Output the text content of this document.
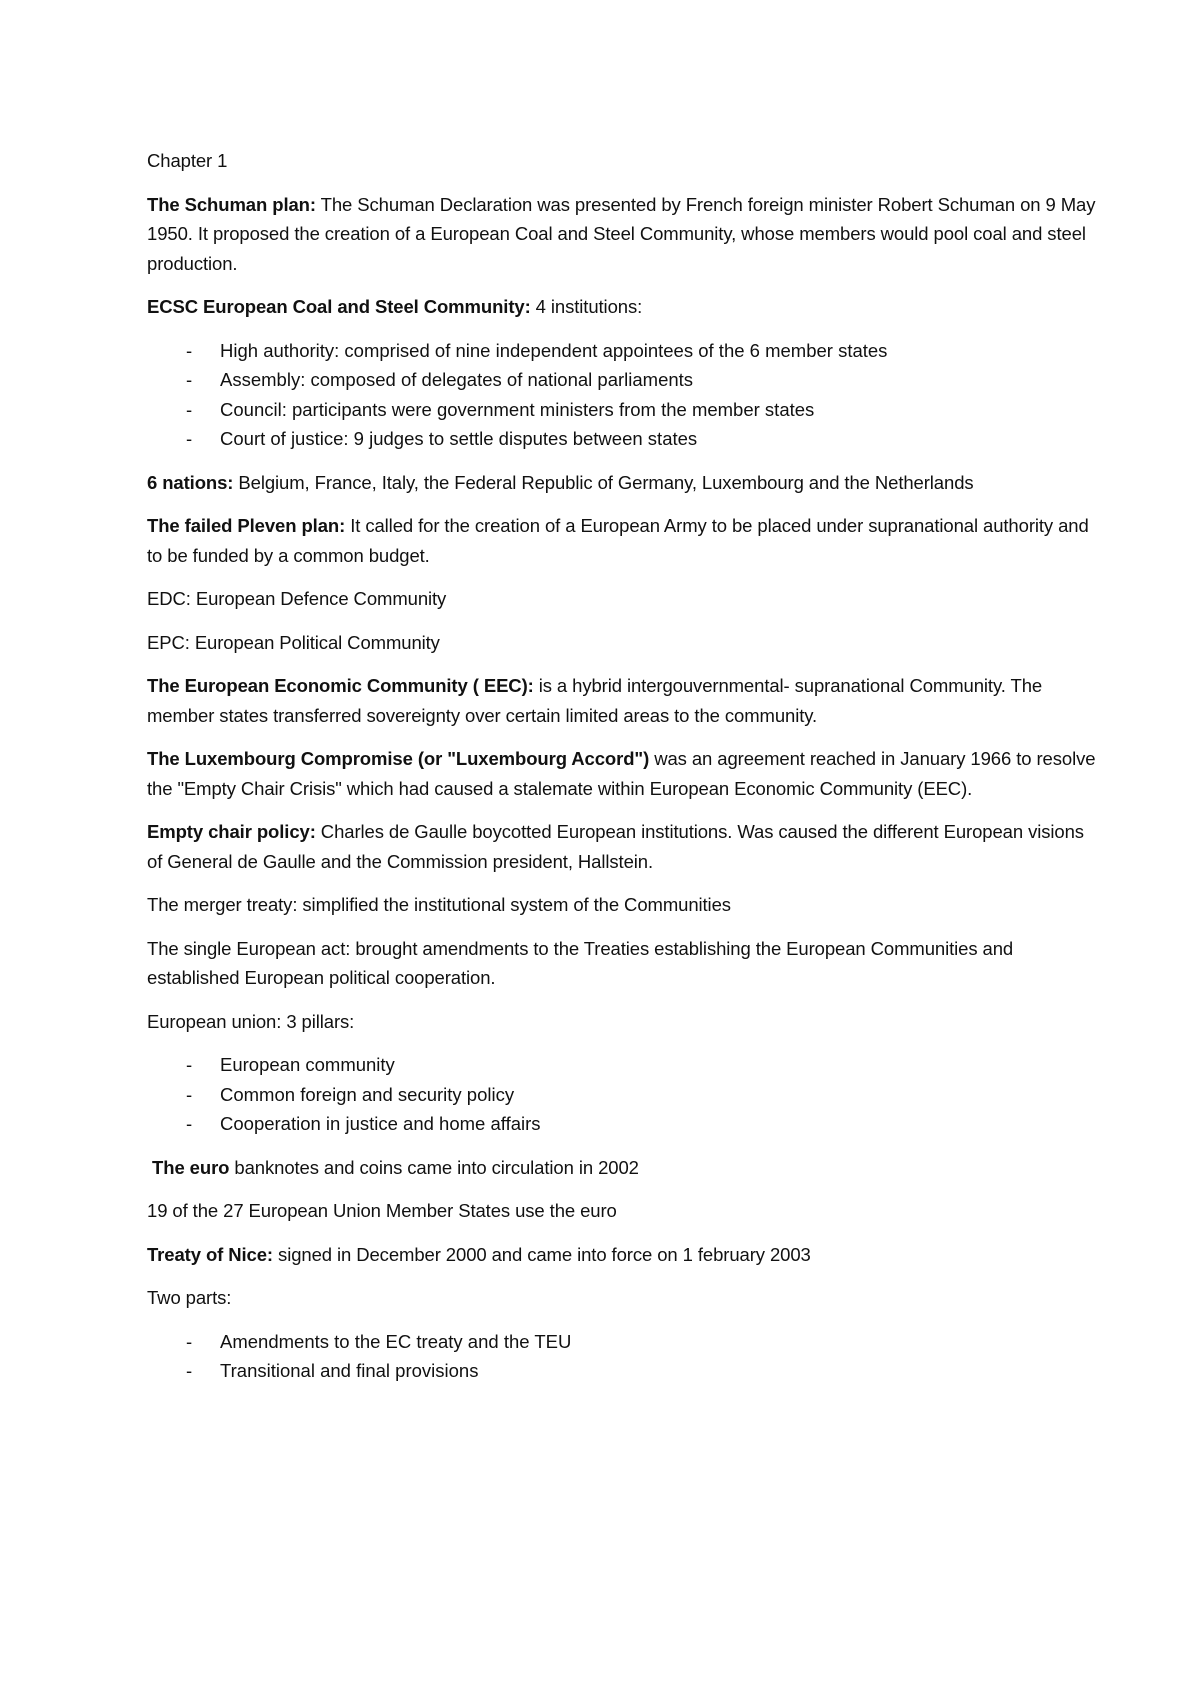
Chapter 1

The Schuman plan: The Schuman Declaration was presented by French foreign minister Robert Schuman on 9 May 1950. It proposed the creation of a European Coal and Steel Community, whose members would pool coal and steel production.

ECSC European Coal and Steel Community: 4 institutions:

- High authority: comprised of nine independent appointees of the 6 member states
- Assembly: composed of delegates of national parliaments
- Council: participants were government ministers from the member states
- Court of justice: 9 judges to settle disputes between states

6 nations: Belgium, France, Italy, the Federal Republic of Germany, Luxembourg and the Netherlands

The failed Pleven plan: It called for the creation of a European Army to be placed under supranational authority and to be funded by a common budget.

EDC: European Defence Community

EPC: European Political Community

The European Economic Community ( EEC): is a hybrid intergouvernmental- supranational Community. The member states transferred sovereignty over certain limited areas to the community.

The Luxembourg Compromise (or "Luxembourg Accord") was an agreement reached in January 1966 to resolve the "Empty Chair Crisis" which had caused a stalemate within European Economic Community (EEC).

Empty chair policy: Charles de Gaulle boycotted European institutions. Was caused the different European visions of General de Gaulle and the Commission president, Hallstein.

The merger treaty: simplified the institutional system of the Communities

The single European act: brought amendments to the Treaties establishing the European Communities and established European political cooperation.

European union: 3 pillars:

- European community
- Common foreign and security policy
- Cooperation in justice and home affairs

The euro banknotes and coins came into circulation in 2002

19 of the 27 European Union Member States use the euro

Treaty of Nice: signed in December 2000 and came into force on 1 february 2003

Two parts:

- Amendments to the EC treaty and the TEU
- Transitional and final provisions
